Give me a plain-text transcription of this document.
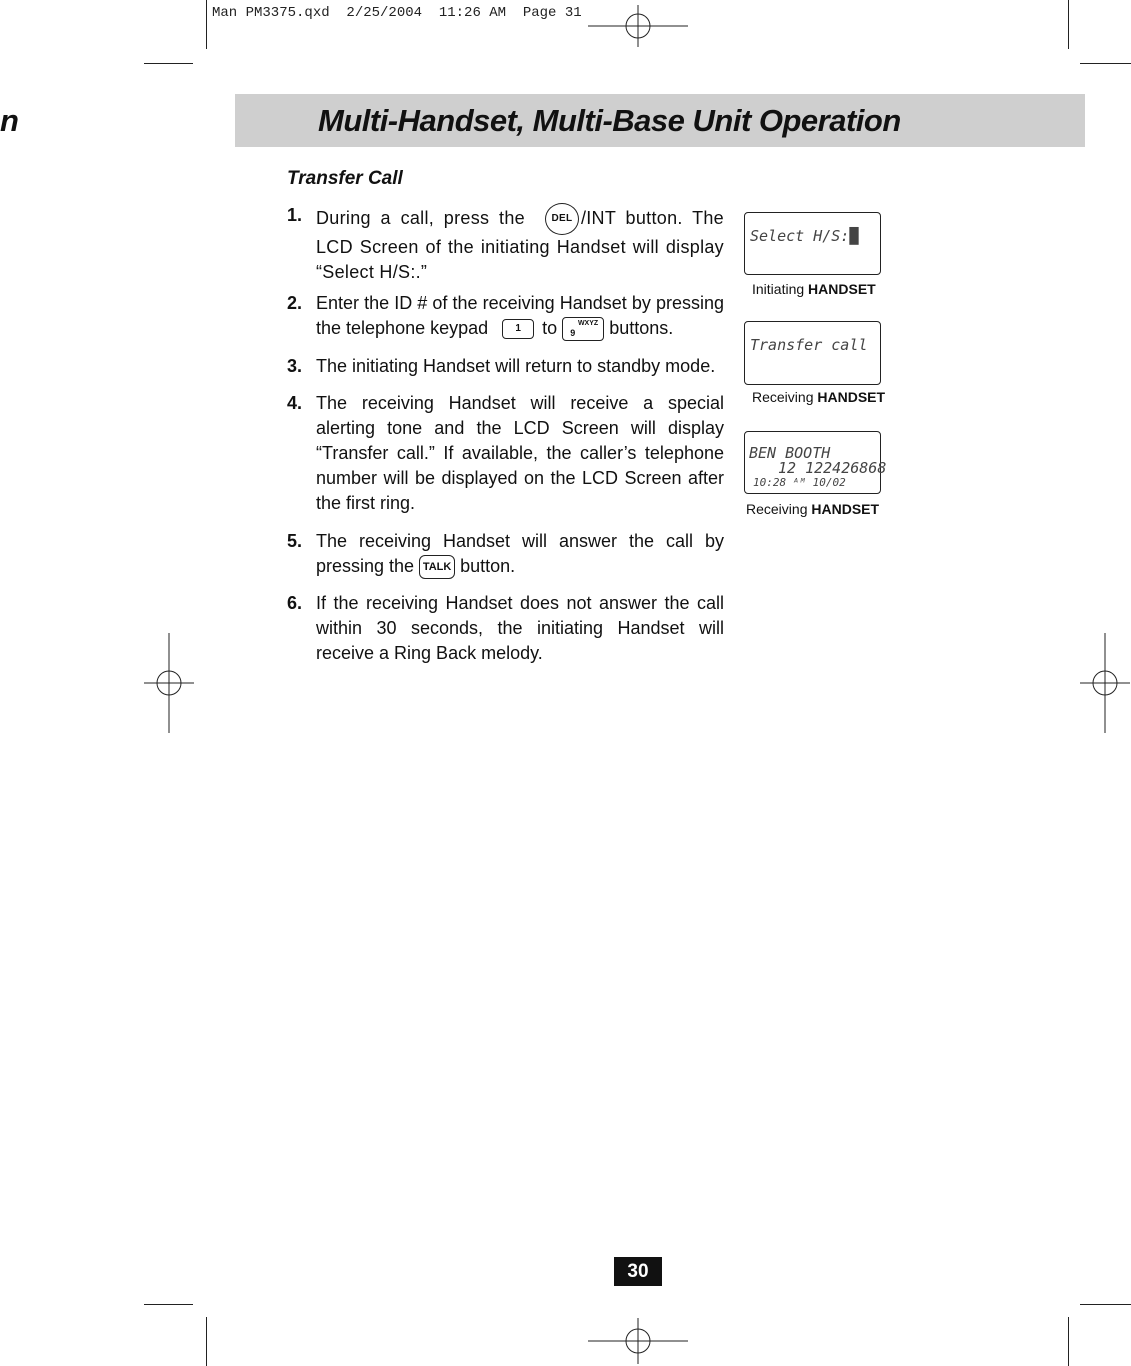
Man PM3375.qxd  2/25/2004  11:26 AM  Page 31
n	Multi-Handset, Multi-Base Unit Operation
Transfer Call
1. During a call, press the	DEL /INT button. The LCD Screen of the initiating Handset will display “Select H/S:.”
2. Enter the ID # of the receiving Handset by pressing the telephone keypad	1 to 9
WXYZ buttons.
3. The initiating Handset will return to standby mode.
4. The receiving Handset will receive a special alerting tone and the LCD Screen will display “Transfer call.” If available, the caller’s telephone number will be displayed on the LCD Screen after the first ring.
5. The receiving Handset will answer the call by pressing the TALK button.
6. If the receiving Handset does not answer the call within 30 seconds, the initiating Handset will receive a Ring Back melody.
Select H/S:█
Initiating HANDSET
Transfer call
Receiving HANDSET
BEN BOOTH
12 122426868
10:28 ᴬᴹ 10/02
Receiving HANDSET
30
